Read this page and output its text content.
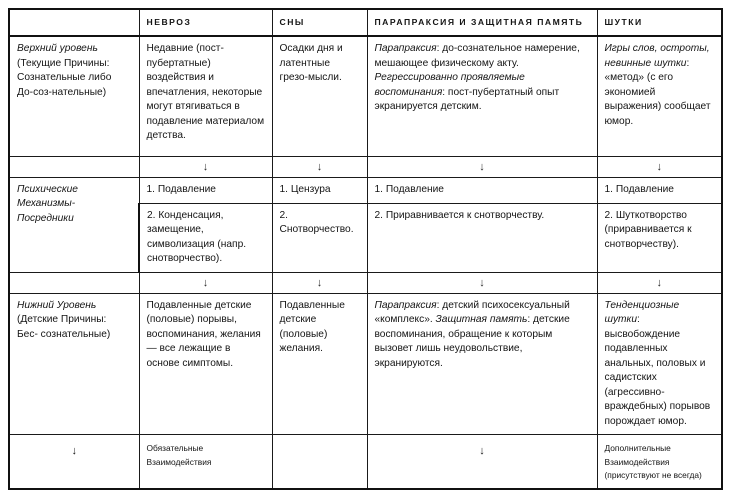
	НЕВРОЗ	СНЫ	ПАРАПРАКСИЯ И ЗАЩИТНАЯ ПАМЯТЬ	ШУТКИ
Верхний уровень
(Текущие Причины:
Сознательные либо
До-соз-нательные)	Недавние (пост-пубертатные) воздействия и впечатления, некоторые могут втягиваться в подавление материалом детства.	Осадки дня и латентные грезо-мысли.	Парапраксия: до-сознательное намерение, мешающее физическому акту. Регрессированно проявляемые воспоминания: пост-пубертатный опыт экранируется детским.	Игры слов, остроты, невинные шутки: «метод» (с его экономией выражения) сообщает юмор.

	↓	↓	↓	↓

Психические
Механизмы-
Посредники	1. Подавление	1. Цензура	1. Подавление	1. Подавление

	2. Конденсация, замещение, символизация (напр. снотворчество).	2. Снотворчество.	2. Приравнивается к снотворчеству.	2. Шуткотворство (приравнивается к снотворчеству).

	↓	↓	↓	↓

Нижний Уровень
(Детские Причины:
Бес- сознательные)	Подавленные детские (половые) порывы, воспоминания, желания — все лежащие в основе симптомы.	Подавленные детские (половые) желания.	Парапраксия: детский психосексуальный «комплекс». Защитная память: детские воспоминания, обращение к которым вызовет лишь неудовольствие, экранируются.	Тенденциозные шутки: высвобождение подавленных анальных, половых и садистских (агрессивно-враждебных) порывов порождает юмор.

↓	Обязательные
Взаимодействия		↓	Дополнительные
Взаимодействия
(присутствуют не всегда)
